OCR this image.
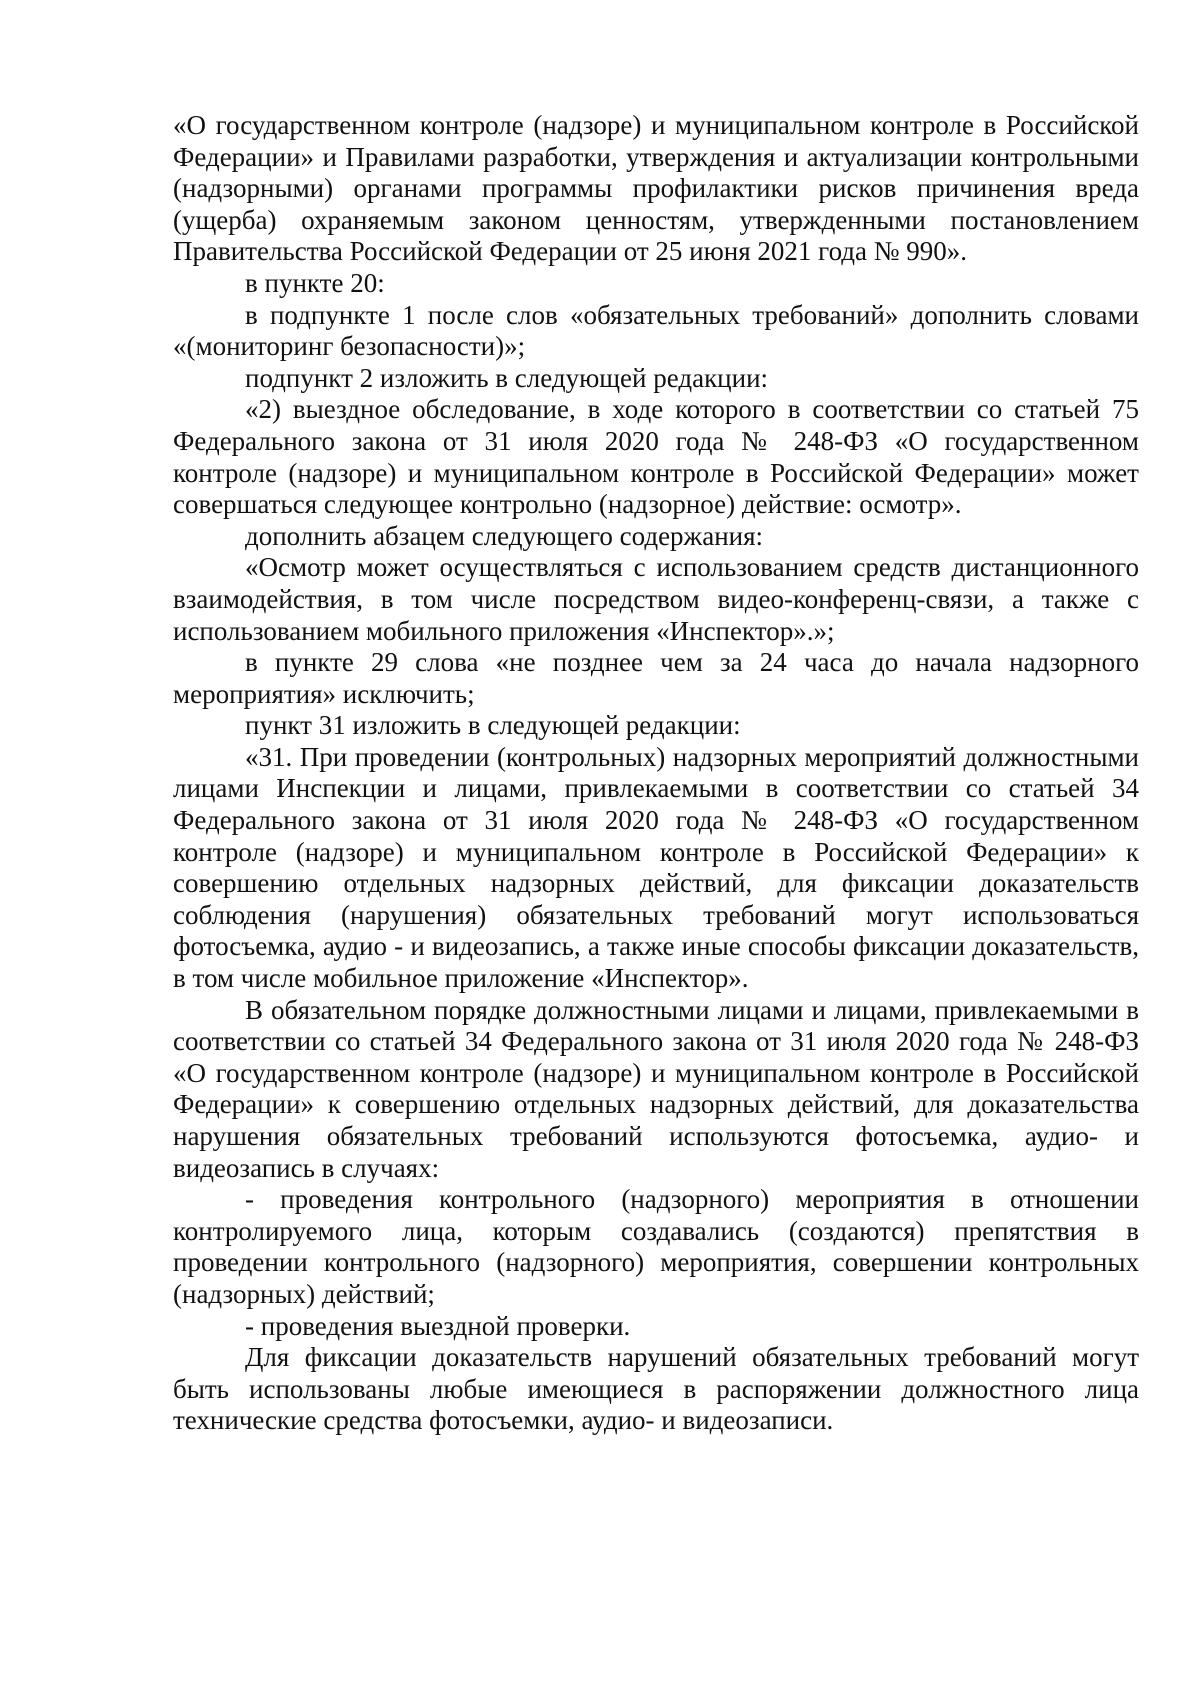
«О государственном контроле (надзоре) и муниципальном контроле в Российской Федерации» и Правилами разработки, утверждения и актуализации контрольными (надзорными) органами программы профилактики рисков причинения вреда (ущерба) охраняемым законом ценностям, утвержденными постановлением Правительства Российской Федерации от 25 июня 2021 года № 990».

в пункте 20:

в подпункте 1 после слов «обязательных требований» дополнить словами «(мониторинг безопасности)»;

подпункт 2 изложить в следующей редакции:

«2) выездное обследование, в ходе которого в соответствии со статьей 75 Федерального закона от 31 июля 2020 года № 248-ФЗ «О государственном контроле (надзоре) и муниципальном контроле в Российской Федерации» может совершаться следующее контрольно (надзорное) действие: осмотр».

дополнить абзацем следующего содержания:

«Осмотр может осуществляться с использованием средств дистанционного взаимодействия, в том числе посредством видео-конференц-связи, а также с использованием мобильного приложения «Инспектор».»;

в пункте 29 слова «не позднее чем за 24 часа до начала надзорного мероприятия» исключить;

пункт 31 изложить в следующей редакции:

«31. При проведении (контрольных) надзорных мероприятий должностными лицами Инспекции и лицами, привлекаемыми в соответствии со статьей 34 Федерального закона от 31 июля 2020 года № 248-ФЗ «О государственном контроле (надзоре) и муниципальном контроле в Российской Федерации» к совершению отдельных надзорных действий, для фиксации доказательств соблюдения (нарушения) обязательных требований могут использоваться фотосъемка, аудио - и видеозапись, а также иные способы фиксации доказательств, в том числе мобильное приложение «Инспектор».

В обязательном порядке должностными лицами и лицами, привлекаемыми в соответствии со статьей 34 Федерального закона от 31 июля 2020 года № 248-ФЗ «О государственном контроле (надзоре) и муниципальном контроле в Российской Федерации» к совершению отдельных надзорных действий, для доказательства нарушения обязательных требований используются фотосъемка, аудио- и видеозапись в случаях:

- проведения контрольного (надзорного) мероприятия в отношении контролируемого лица, которым создавались (создаются) препятствия в проведении контрольного (надзорного) мероприятия, совершении контрольных (надзорных) действий;

- проведения выездной проверки.

Для фиксации доказательств нарушений обязательных требований могут быть использованы любые имеющиеся в распоряжении должностного лица технические средства фотосъемки, аудио- и видеозаписи.
